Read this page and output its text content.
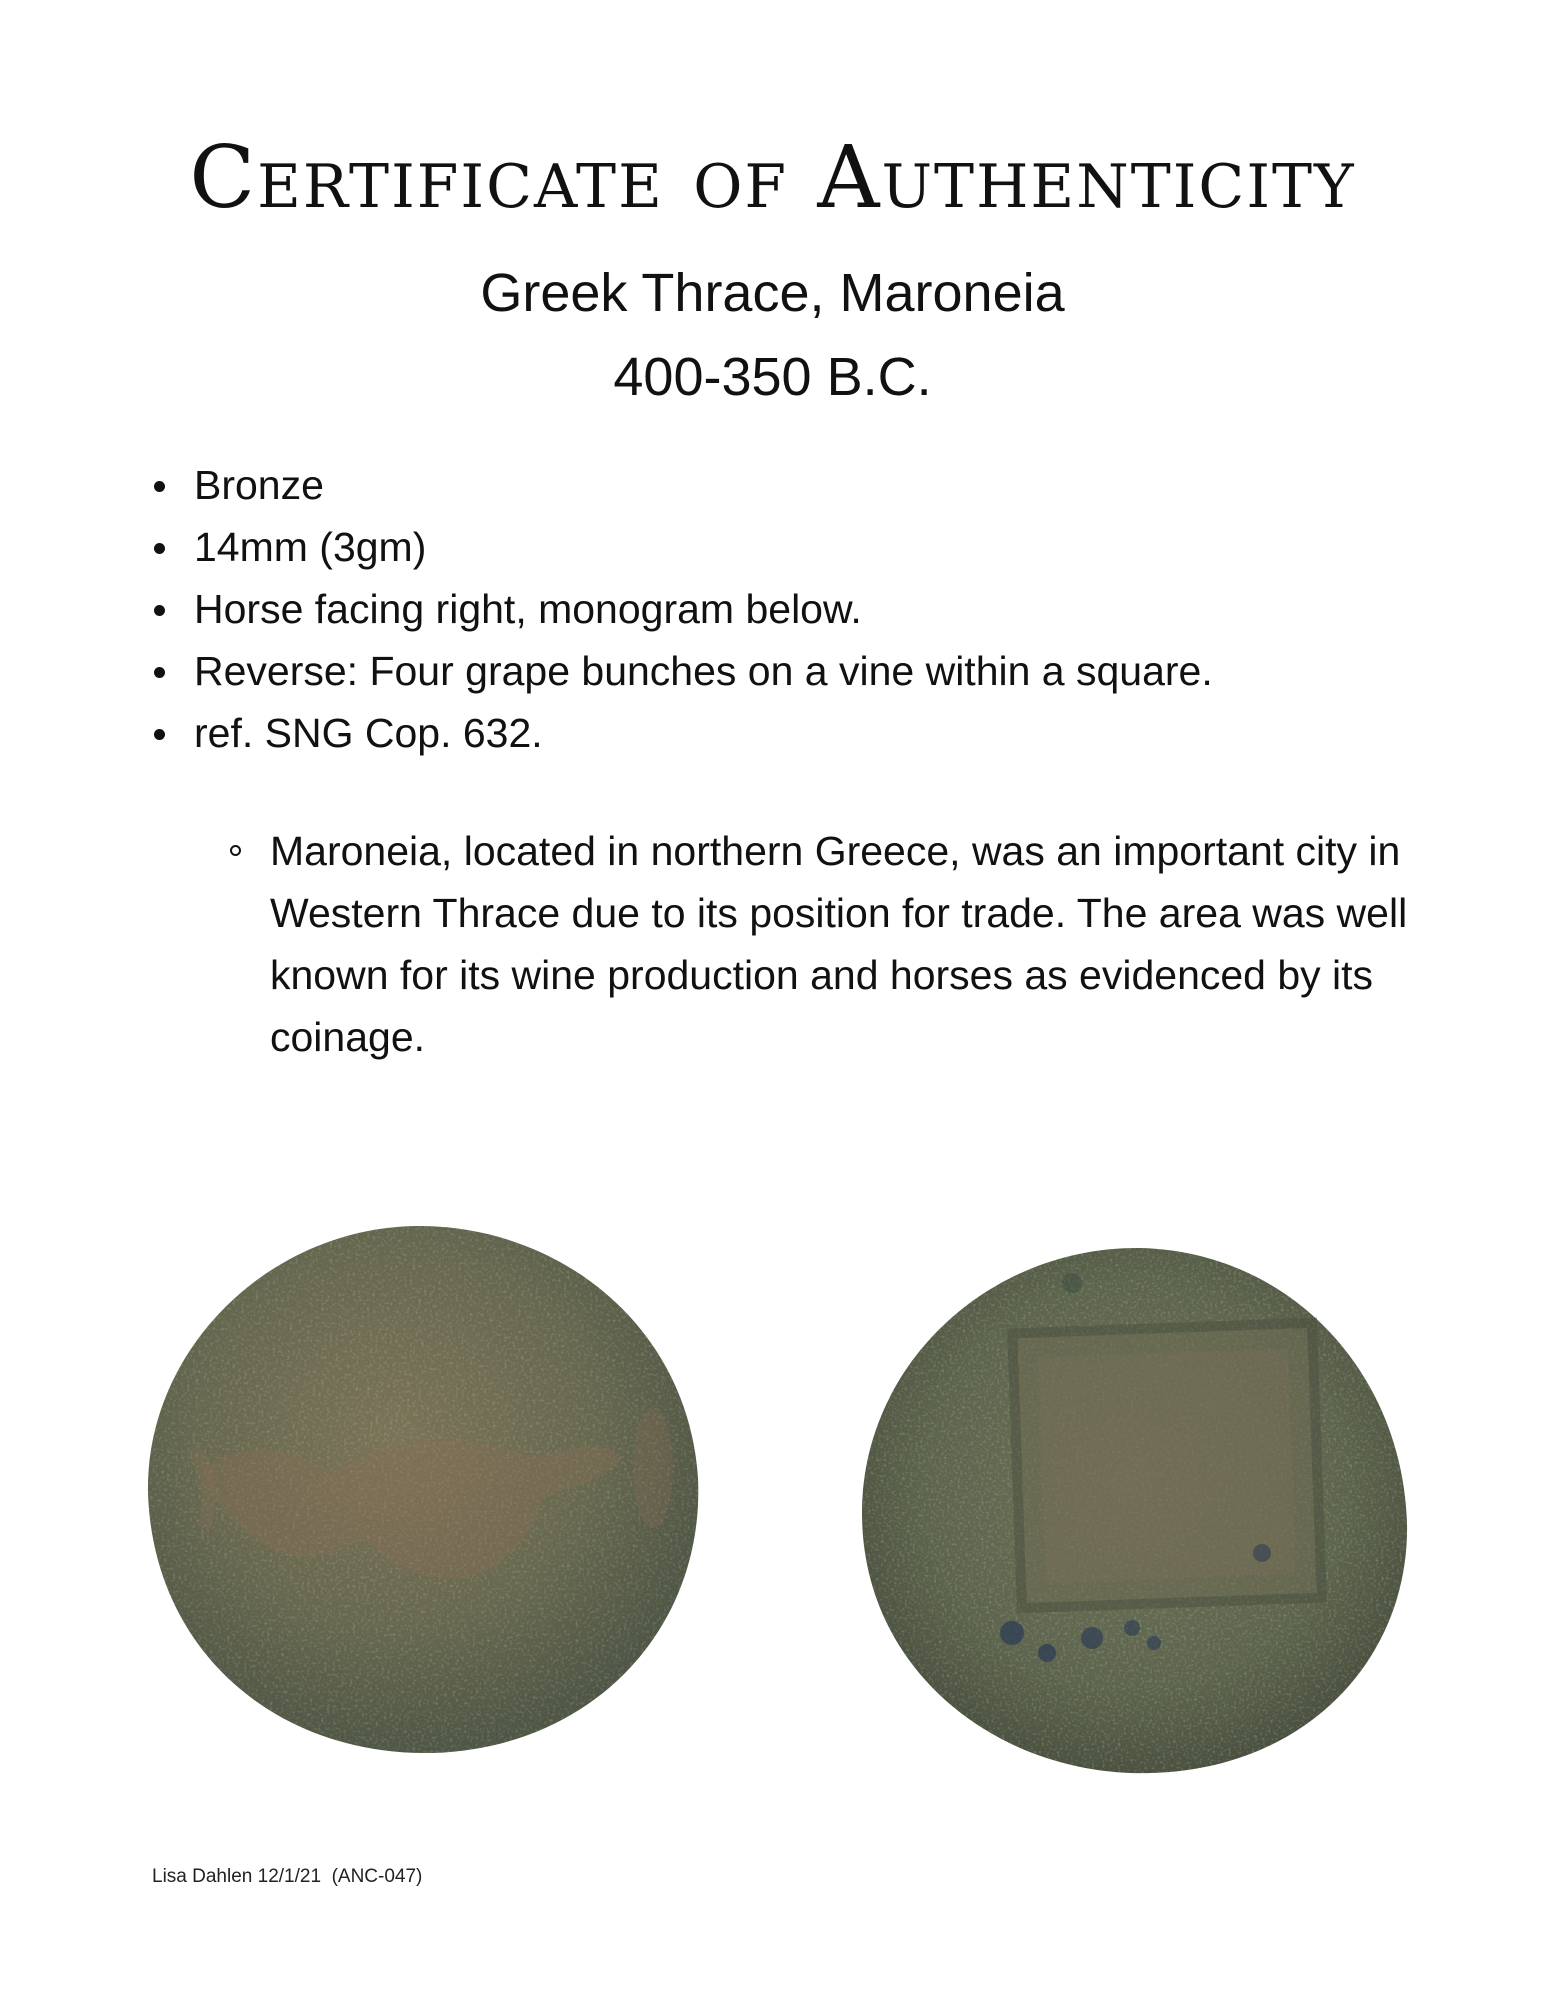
Certificate of Authenticity
Greek Thrace, Maroneia
400-350 B.C.
Bronze
14mm (3gm)
Horse facing right, monogram below.
Reverse: Four grape bunches on a vine within a square.
ref. SNG Cop. 632.
Maroneia, located in northern Greece, was an important city in Western Thrace due to its position for trade. The area was well known for its wine production and horses as evidenced by its coinage.
Lisa Dahlen 12/1/21  (ANC-047)
